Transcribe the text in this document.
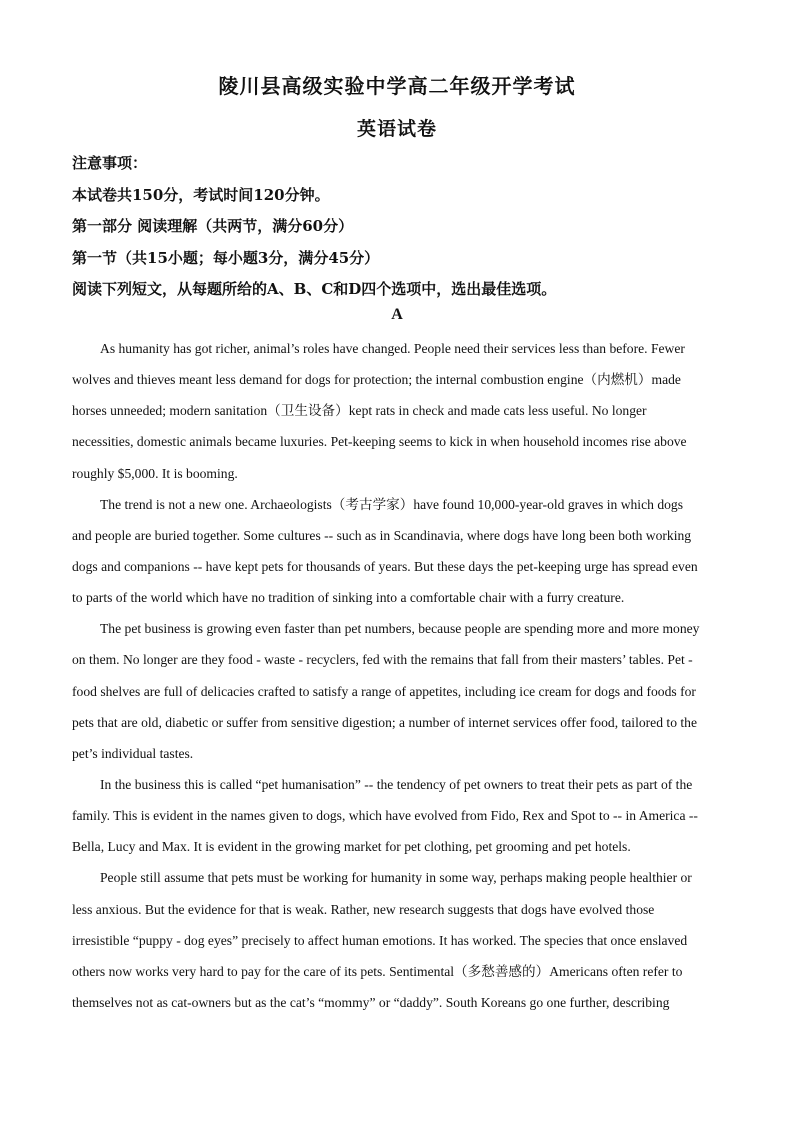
陵川县高级实验中学高二年级开学考试
英语试卷
注意事项：
本试卷共150分，考试时间120分钟。
第一部分 阅读理解（共两节，满分60分）
第一节（共15小题；每小题3分，满分45分）
阅读下列短文，从每题所给的A、B、C和D四个选项中，选出最佳选项。
A
As humanity has got richer, animal’s roles have changed. People need their services less than before. Fewer
wolves and thieves meant less demand for dogs for protection; the internal combustion engine（内燃机）made
horses unneeded; modern sanitation（卫生设备）kept rats in check and made cats less useful. No longer
necessities, domestic animals became luxuries. Pet-keeping seems to kick in when household incomes rise above
roughly $5,000. It is booming.
The trend is not a new one. Archaeologists（考古学家）have found 10,000-year-old graves in which dogs
and people are buried together. Some cultures -- such as in Scandinavia, where dogs have long been both working
dogs and companions -- have kept pets for thousands of years. But these days the pet-keeping urge has spread even
to parts of the world which have no tradition of sinking into a comfortable chair with a furry creature.
The pet business is growing even faster than pet numbers, because people are spending more and more money
on them. No longer are they food - waste - recyclers, fed with the remains that fall from their masters’ tables. Pet -
food shelves are full of delicacies crafted to satisfy a range of appetites, including ice cream for dogs and foods for
pets that are old, diabetic or suffer from sensitive digestion; a number of internet services offer food, tailored to the
pet’s individual tastes.
In the business this is called “pet humanisation” -- the tendency of pet owners to treat their pets as part of the
family. This is evident in the names given to dogs, which have evolved from Fido, Rex and Spot to -- in America --
Bella, Lucy and Max. It is evident in the growing market for pet clothing, pet grooming and pet hotels.
People still assume that pets must be working for humanity in some way, perhaps making people healthier or
less anxious. But the evidence for that is weak. Rather, new research suggests that dogs have evolved those
irresistible “puppy - dog eyes” precisely to affect human emotions. It has worked. The species that once enslaved
others now works very hard to pay for the care of its pets. Sentimental（多愁善感的）Americans often refer to
themselves not as cat-owners but as the cat’s “mommy” or “daddy”. South Koreans go one further, describing
